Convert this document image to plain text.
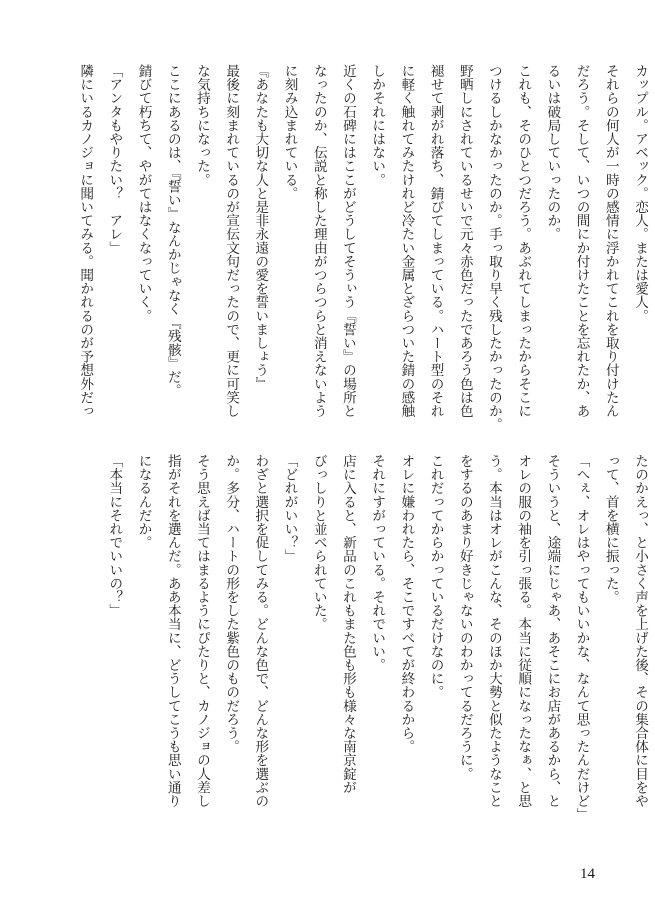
カップル。アベック。恋人。または愛人。
それらの何人が一時の感情に浮かれてこれを取り付けたん
だろう。そして、いつの間にか付けたことを忘れたか、あ
るいは破局していったのか。
これも、そのひとつだろう。あぶれてしまったからそこに
つけるしかなかったのか。手っ取り早く残したかったのか。
野晒しにされているせいで元々赤色だったであろう色は色
褪せて剥がれ落ち、錆びてしまっている。ハート型のそれ
に軽く触れてみたけれど冷たい金属とざらついた錆の感触
しかそれにはない。
近くの石碑にはここがどうしてそうぃう『誓い』の場所と
なったのか、伝説と称した理由がつらつらと消えないよう
に刻み込まれている。
『あなたも大切な人と是非永遠の愛を誓いましょう』
最後に刻まれているのが宣伝文句だったので、更に可笑し
な気持ちになった。
ここにあるのは、『誓い』なんかじゃなく『残骸』だ。
錆びて朽ちて、やがてはなくなっていく。
「アンタもやりたい？　アレ」
隣にいるカノジョに聞いてみる。聞かれるのが予想外だっ
たのかえっ、と小さく声を上げた後、その集合体に目をや
って、首を横に振った。
「へぇ、オレはやってもいいかな、なんて思ったんだけど」
そういうと、途端にじゃあ、あそこにお店があるから、と
オレの服の袖を引っ張る。本当に従順になったなぁ、と思
う。本当はオレがこんな、そのほか大勢と似たようなこと
をするのあまり好きじゃないのわかってるだろうに。
これだってからかっているだけなのに。
オレに嫌われたら、そこですべてが終わるから。
それにすがっている。それでいい。
店に入ると、新品のこれもまた色も形も様々な南京錠が
びっしりと並べられていた。
「どれがいい？」
わざと選択を促してみる。どんな色で、どんな形を選ぶの
か。多分、ハートの形をした紫色のものだろう。
そう思えば当てはまるようにぴたりと、カノジョの人差し
指がそれを選んだ。ああ本当に、どうしてこうも思い通り
になるんだか。
「本当にそれでいいの？」
14
